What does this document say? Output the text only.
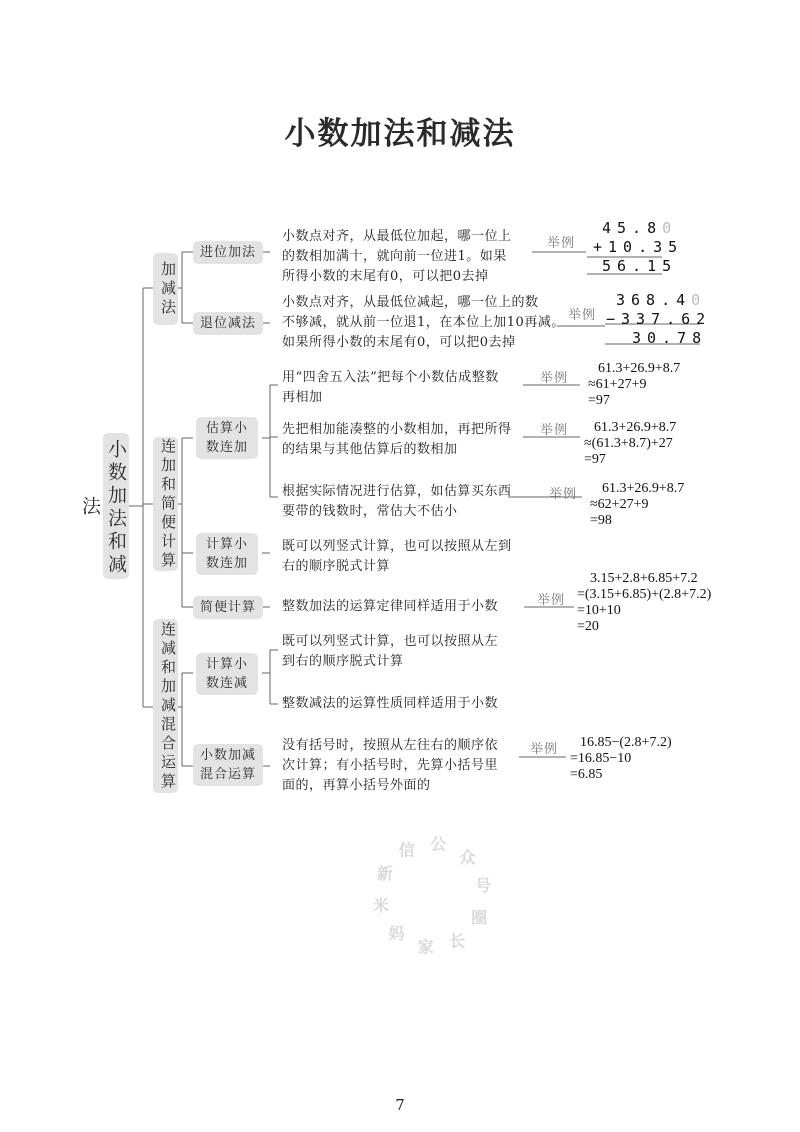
小数加法和减法
小数加法和减法
加减法
连加和简便计算
连减和加减混合运算
进位加法
退位减法
估算小数连加
计算小数连加
简便计算
计算小数连减
小数加减混合运算
小数点对齐，从最低位加起，哪一位上
的数相加满十，就向前一位进1。如果
所得小数的末尾有0，可以把0去掉
小数点对齐，从最低位减起，哪一位上的数
不够减，就从前一位退1，在本位上加10再减。
如果所得小数的末尾有0，可以把0去掉
用“四舍五入法”把每个小数估成整数
再相加
先把相加能凑整的小数相加，再把所得
的结果与其他估算后的数相加
根据实际情况进行估算，如估算买东西
要带的钱数时，常估大不估小
既可以列竖式计算，也可以按照从左到
右的顺序脱式计算
整数加法的运算定律同样适用于小数
既可以列竖式计算，也可以按照从左
到右的顺序脱式计算
整数减法的运算性质同样适用于小数
没有括号时，按照从左往右的顺序依
次计算；有小括号时，先算小括号里
面的，再算小括号外面的
举例
举例
举例
举例
举例
举例
举例
45.80
+10.35
56.15
368.40
−337.62
30.78
61.3+26.9+8.7
≈61+27+9
=97
61.3+26.9+8.7
≈(61.3+8.7)+27
=97
61.3+26.9+8.7
≈62+27+9
=98
3.15+2.8+6.85+7.2
=(3.15+6.85)+(2.8+7.2)
=10+10
=20
16.85−(2.8+7.2)
=16.85−10
=6.85
新
信 公
众
号
圈
长
家
妈
米
7
